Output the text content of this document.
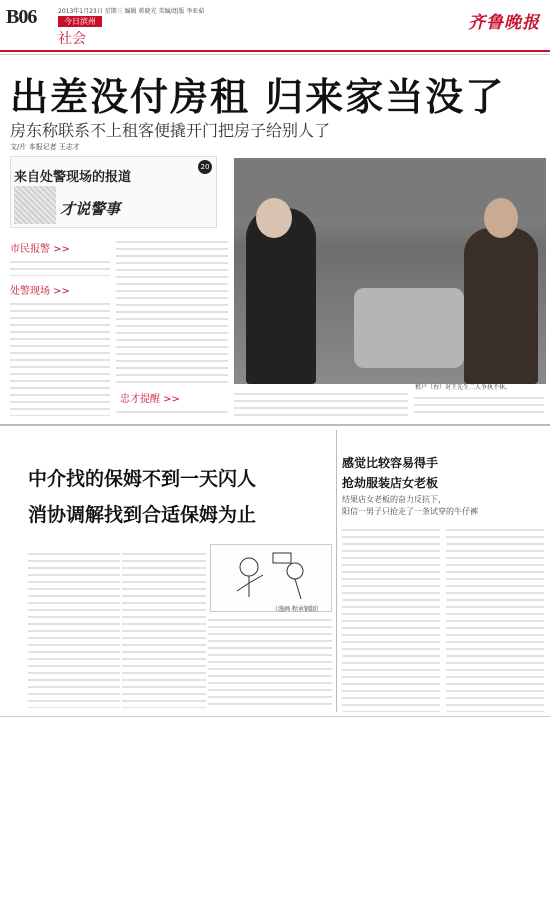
B06	2013年1月23日 星期三 编辑 蒋晓光 美编/组版 李亚茹
今日滨州
社会
齐鲁晚报
出差没付房租 归来家当没了
房东称联系不上租客便撬开门把房子给别人了
文/片 本报记者 王志才
来自处警现场的报道
20
才说警事
市民报警 >>
处警现场 >>
忠才提醒 >>
租户（右）对王先生二人争执不休。
中介找的保姆不到一天闪人
消协调解找到合适保姆为止
（漫画 程承钢制）
感觉比较容易得手
抢劫服装店女老板
结果店女老板的奋力反抗下，
阳信一男子只抢走了一条试穿的牛仔裤
